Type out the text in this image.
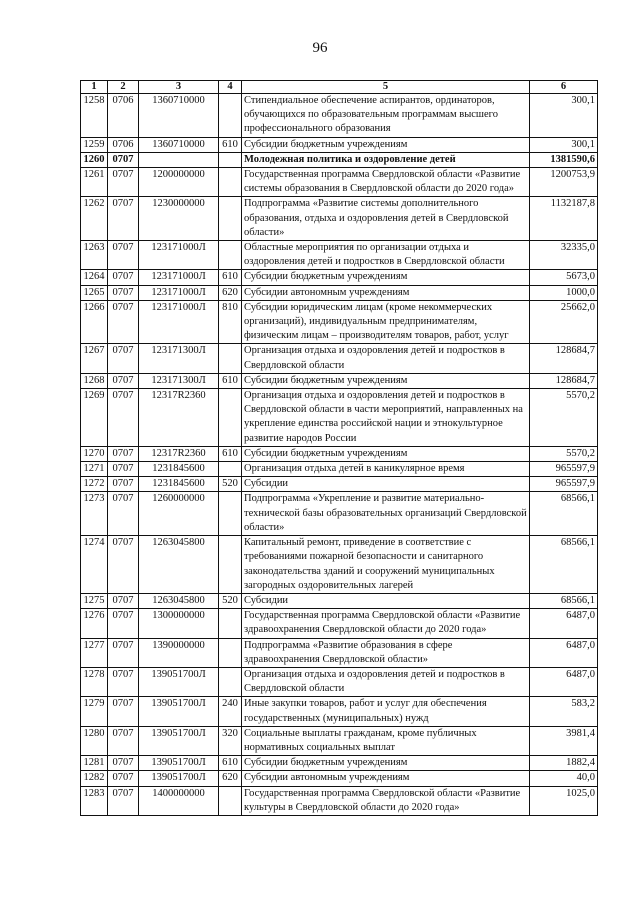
96
1	2	3	4	5	6
1258	0706	1360710000		Стипендиальное обеспечение аспирантов, ординаторов, обучающихся по образовательным программам высшего профессионального образования	300,1
1259	0706	1360710000	610	Субсидии бюджетным учреждениям	300,1
1260	0707			Молодежная политика и оздоровление детей	1381590,6
1261	0707	1200000000		Государственная программа Свердловской области «Развитие системы образования в Свердловской области до 2020 года»	1200753,9
1262	0707	1230000000		Подпрограмма «Развитие системы дополнительного образования, отдыха и оздоровления детей в Свердловской области»	1132187,8
1263	0707	123171000Л		Областные мероприятия по организации отдыха и оздоровления детей и подростков в Свердловской области	32335,0
1264	0707	123171000Л	610	Субсидии бюджетным учреждениям	5673,0
1265	0707	123171000Л	620	Субсидии автономным учреждениям	1000,0
1266	0707	123171000Л	810	Субсидии юридическим лицам (кроме некоммерческих организаций), индивидуальным предпринимателям, физическим лицам – производителям товаров, работ, услуг	25662,0
1267	0707	123171300Л		Организация отдыха и оздоровления детей и подростков в Свердловской области	128684,7
1268	0707	123171300Л	610	Субсидии бюджетным учреждениям	128684,7
1269	0707	12317R2360		Организация отдыха и оздоровления детей и подростков в Свердловской области в части мероприятий, направленных на укрепление единства российской нации и этнокультурное развитие народов России	5570,2
1270	0707	12317R2360	610	Субсидии бюджетным учреждениям	5570,2
1271	0707	1231845600		Организация отдыха детей в каникулярное время	965597,9
1272	0707	1231845600	520	Субсидии	965597,9
1273	0707	1260000000		Подпрограмма «Укрепление и развитие материально-технической базы образовательных организаций Свердловской области»	68566,1
1274	0707	1263045800		Капитальный ремонт, приведение в соответствие с требованиями пожарной безопасности и санитарного законодательства зданий и сооружений муниципальных загородных оздоровительных лагерей	68566,1
1275	0707	1263045800	520	Субсидии	68566,1
1276	0707	1300000000		Государственная программа Свердловской области «Развитие здравоохранения Свердловской области до 2020 года»	6487,0
1277	0707	1390000000		Подпрограмма «Развитие образования в сфере здравоохранения Свердловской области»	6487,0
1278	0707	139051700Л		Организация отдыха и оздоровления детей и подростков в Свердловской области	6487,0
1279	0707	139051700Л	240	Иные закупки товаров, работ и услуг для обеспечения государственных (муниципальных) нужд	583,2
1280	0707	139051700Л	320	Социальные выплаты гражданам, кроме публичных нормативных социальных выплат	3981,4
1281	0707	139051700Л	610	Субсидии бюджетным учреждениям	1882,4
1282	0707	139051700Л	620	Субсидии автономным учреждениям	40,0
1283	0707	1400000000		Государственная программа Свердловской области «Развитие культуры в Свердловской области до 2020 года»	1025,0
